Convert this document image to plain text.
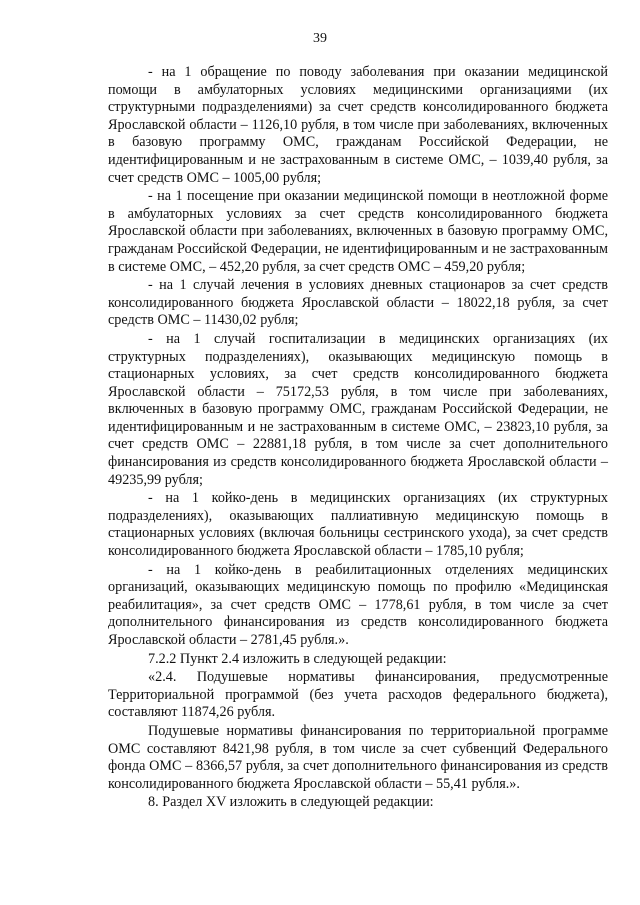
39

- на 1 обращение по поводу заболевания при оказании медицинской помощи в амбулаторных условиях медицинскими организациями (их структурными подразделениями) за счет средств консолидированного бюджета Ярославской области – 1126,10 рубля, в том числе при заболеваниях, включенных в базовую программу ОМС, гражданам Российской Федерации, не идентифицированным и не застрахованным в системе ОМС, – 1039,40 рубля, за счет средств ОМС – 1005,00 рубля;

- на 1 посещение при оказании медицинской помощи в неотложной форме в амбулаторных условиях за счет средств консолидированного бюджета Ярославской области при заболеваниях, включенных в базовую программу ОМС, гражданам Российской Федерации, не идентифицированным и не застрахованным в системе ОМС, – 452,20 рубля, за счет средств ОМС – 459,20 рубля;

- на 1 случай лечения в условиях дневных стационаров за счет средств консолидированного бюджета Ярославской области – 18022,18 рубля, за счет средств ОМС – 11430,02 рубля;

- на 1 случай госпитализации в медицинских организациях (их структурных подразделениях), оказывающих медицинскую помощь в стационарных условиях, за счет средств консолидированного бюджета Ярославской области – 75172,53 рубля, в том числе при заболеваниях, включенных в базовую программу ОМС, гражданам Российской Федерации, не идентифицированным и не застрахованным в системе ОМС, – 23823,10 рубля, за счет средств ОМС – 22881,18 рубля, в том числе за счет дополнительного финансирования из средств консолидированного бюджета Ярославской области – 49235,99 рубля;

- на 1 койко-день в медицинских организациях (их структурных подразделениях), оказывающих паллиативную медицинскую помощь в стационарных условиях (включая больницы сестринского ухода), за счет средств консолидированного бюджета Ярославской области – 1785,10 рубля;

- на 1 койко-день в реабилитационных отделениях медицинских организаций, оказывающих медицинскую помощь по профилю «Медицинская реабилитация», за счет средств ОМС – 1778,61 рубля, в том числе за счет дополнительного финансирования из средств консолидированного бюджета Ярославской области – 2781,45 рубля.».

7.2.2 Пункт 2.4 изложить в следующей редакции:

«2.4. Подушевые нормативы финансирования, предусмотренные Территориальной программой (без учета расходов федерального бюджета), составляют 11874,26 рубля.

Подушевые нормативы финансирования по территориальной программе ОМС составляют 8421,98 рубля, в том числе за счет субвенций Федерального фонда ОМС – 8366,57 рубля, за счет дополнительного финансирования из средств консолидированного бюджета Ярославской области – 55,41 рубля.».

8. Раздел XV изложить в следующей редакции:
